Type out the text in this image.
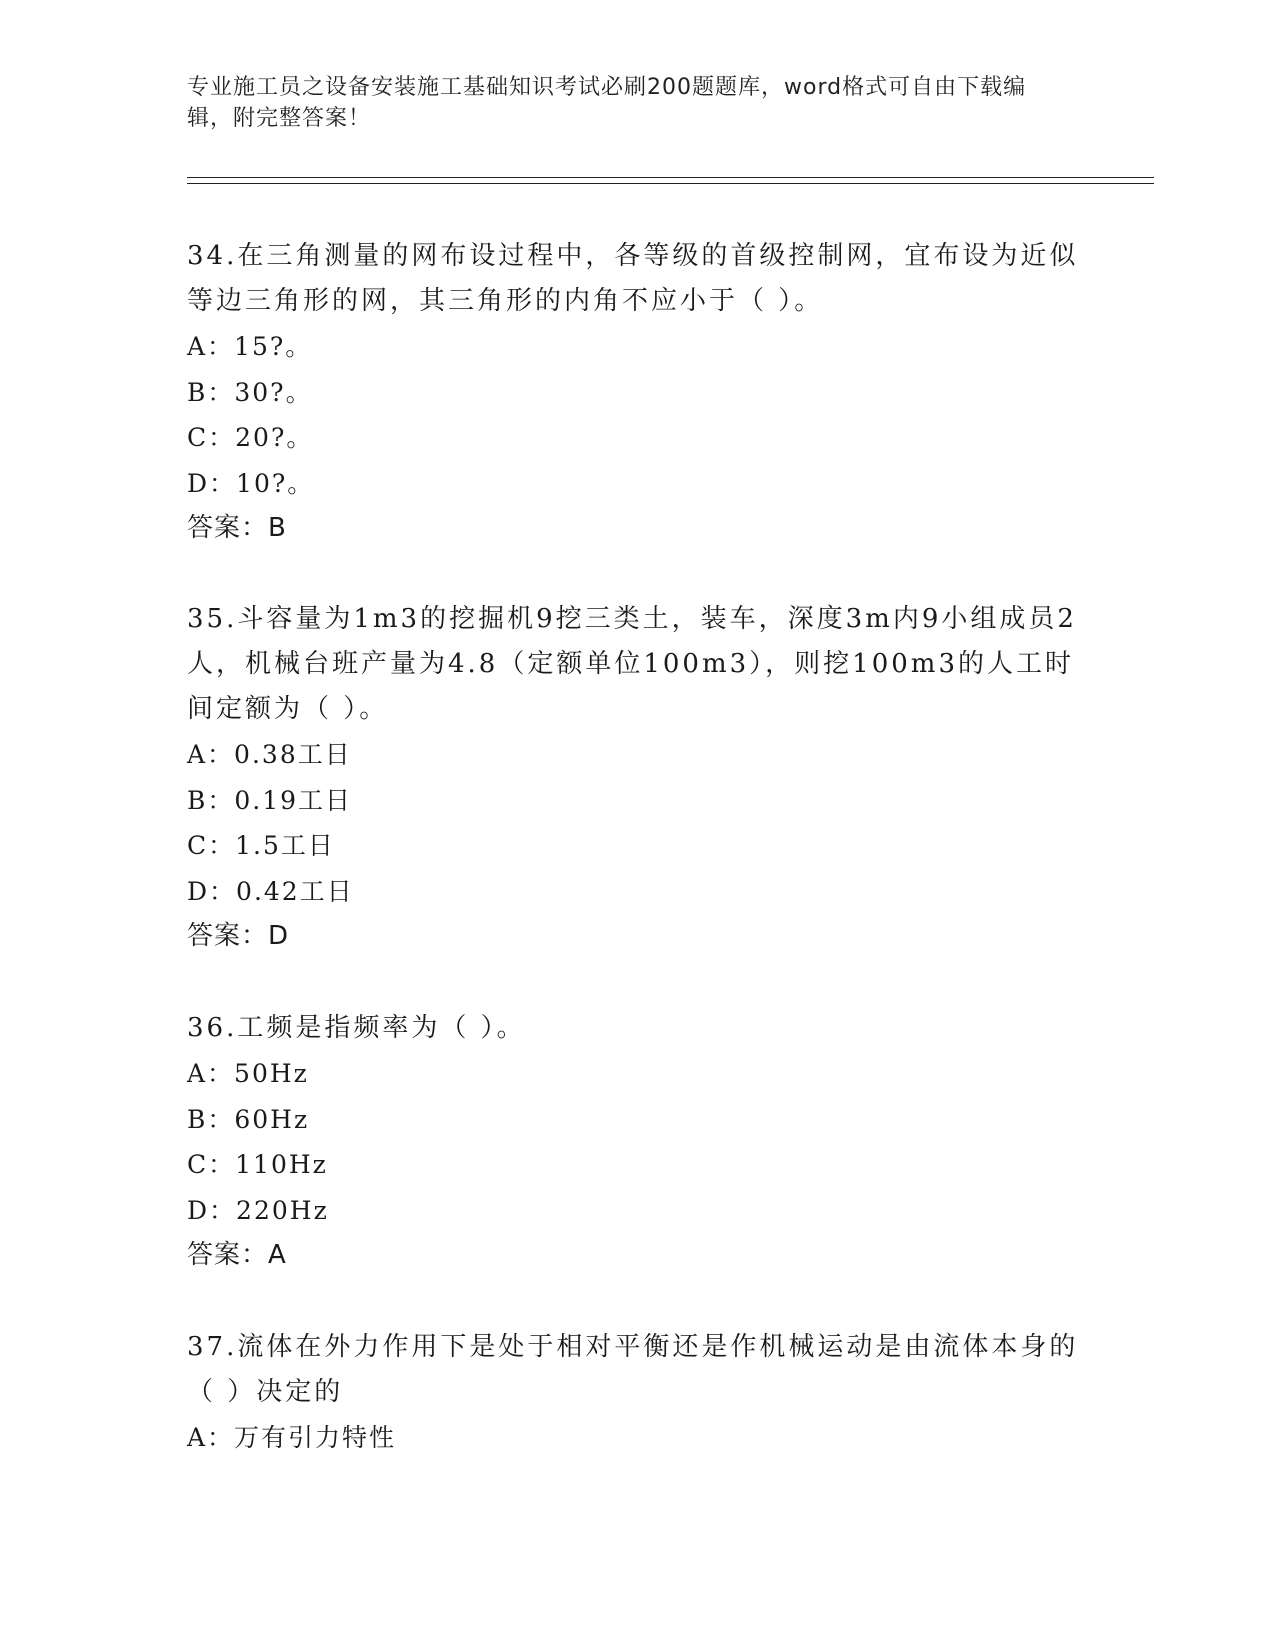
专业施工员之设备安装施工基础知识考试必刷200题题库，word格式可自由下载编辑，附完整答案！

34.在三角测量的网布设过程中，各等级的首级控制网，宜布设为近似等边三角形的网，其三角形的内角不应小于（ ）。

A：15?。

B：30?。

C：20?。

D：10?。

答案：B

35.斗容量为1m3的挖掘机9挖三类土，装车，深度3m内9小组成员2人，机械台班产量为4.8（定额单位100m3），则挖100m3的人工时间定额为（ ）。

A：0.38工日

B：0.19工日

C：1.5工日

D：0.42工日

答案：D

36.工频是指频率为（ ）。

A：50Hz

B：60Hz

C：110Hz

D：220Hz

答案：A

37.流体在外力作用下是处于相对平衡还是作机械运动是由流体本身的（ ）决定的

A：万有引力特性
